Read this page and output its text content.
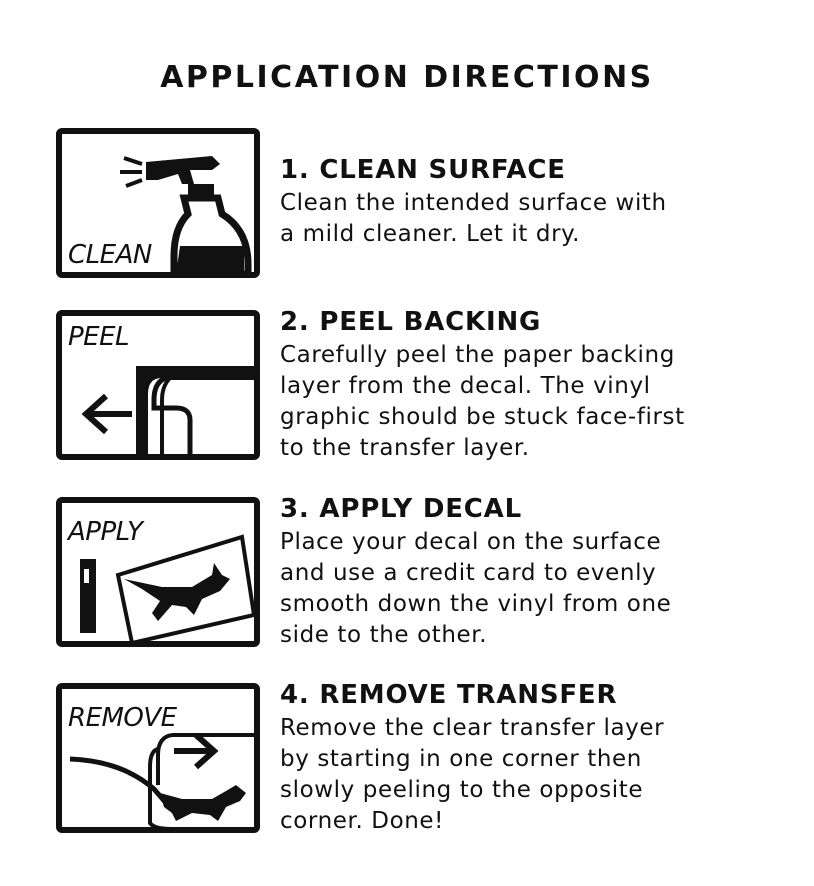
APPLICATION DIRECTIONS
CLEAN
1. CLEAN SURFACE
Clean the intended surface with
a mild cleaner. Let it dry.
PEEL	2. PEEL BACKING
Carefully peel the paper backing
layer from the decal. The vinyl
graphic should be stuck face-first
to the transfer layer.
APPLY
3. APPLY DECAL
Place your decal on the surface
and use a credit card to evenly
smooth down the vinyl from one
side to the other.
REMOVE
4. REMOVE TRANSFER
Remove the clear transfer layer
by starting in one corner then
slowly peeling to the opposite
corner. Done!
